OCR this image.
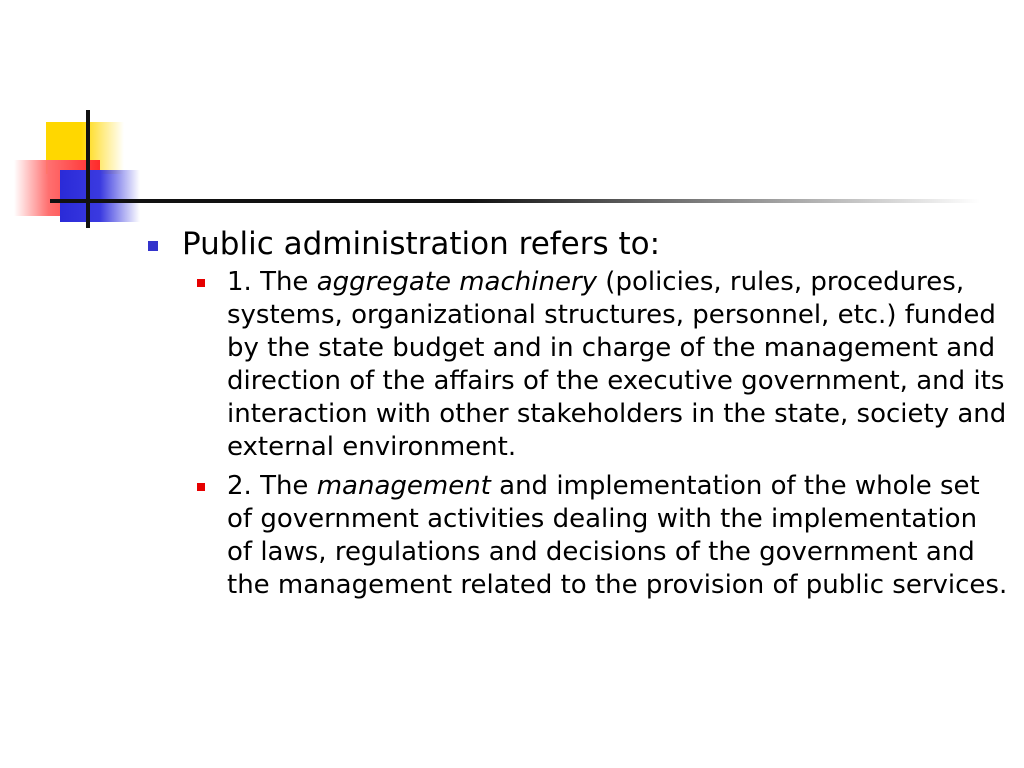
Public administration refers to:
1. The aggregate machinery (policies, rules, procedures, systems, organizational structures, personnel, etc.) funded by the state budget and in charge of the management and direction of the affairs of the executive government, and its interaction with other stakeholders in the state, society and external environment.
2. The management and implementation of the whole set of government activities dealing with the implementation of laws, regulations and decisions of the government and the management related to the provision of public services.
